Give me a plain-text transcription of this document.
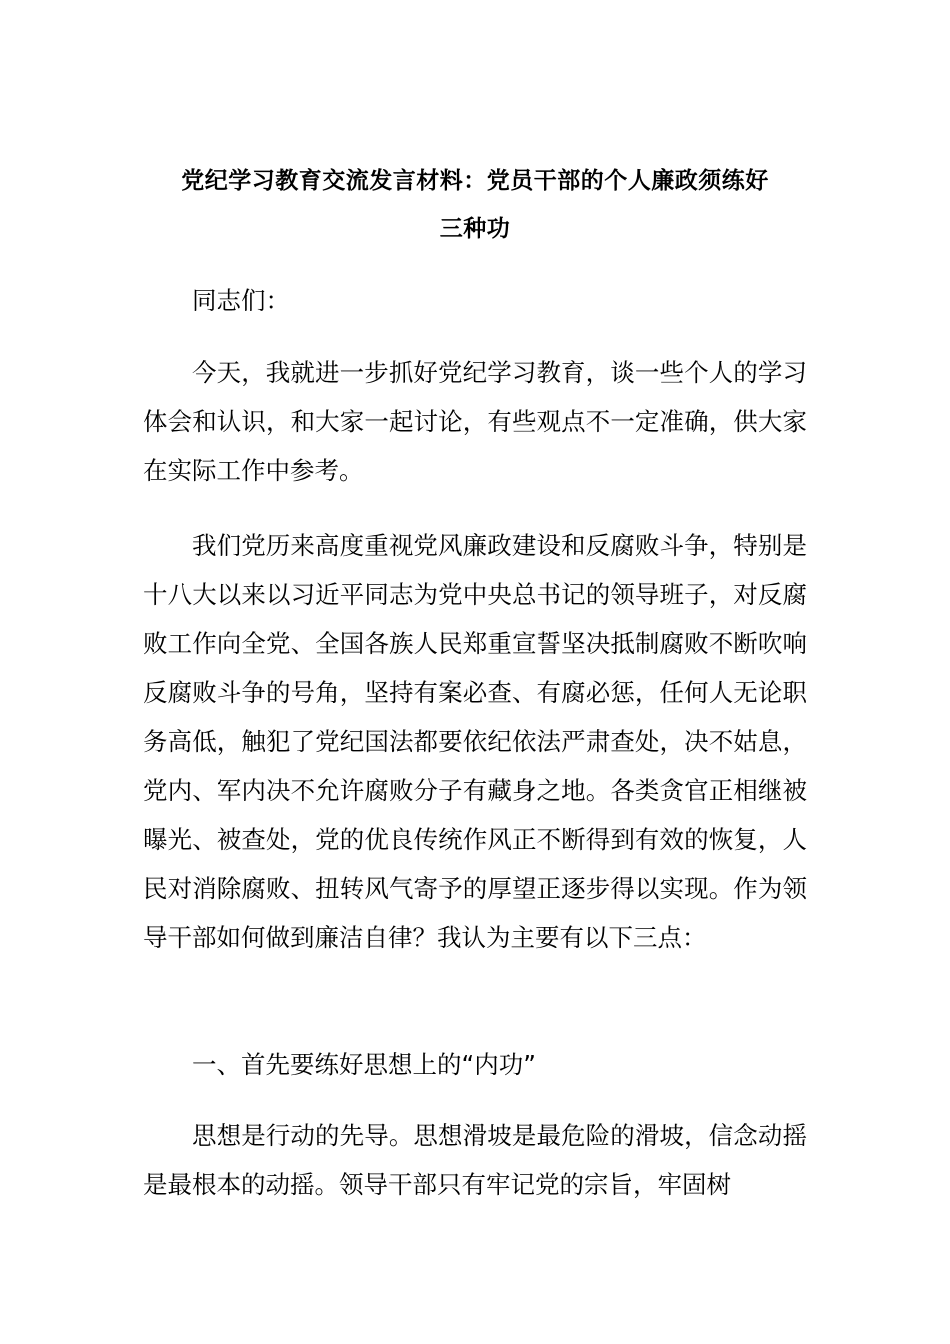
党纪学习教育交流发言材料：党员干部的个人廉政须练好
三种功

同志们：

今天，我就进一步抓好党纪学习教育，谈一些个人的学习体会和认识，和大家一起讨论，有些观点不一定准确，供大家在实际工作中参考。

我们党历来高度重视党风廉政建设和反腐败斗争，特别是十八大以来以习近平同志为党中央总书记的领导班子，对反腐败工作向全党、全国各族人民郑重宣誓坚决抵制腐败不断吹响反腐败斗争的号角，坚持有案必查、有腐必惩，任何人无论职务高低，触犯了党纪国法都要依纪依法严肃查处，决不姑息，党内、军内决不允许腐败分子有藏身之地。各类贪官正相继被曝光、被查处，党的优良传统作风正不断得到有效的恢复，人民对消除腐败、扭转风气寄予的厚望正逐步得以实现。作为领导干部如何做到廉洁自律？我认为主要有以下三点：

一、首先要练好思想上的“内功”

思想是行动的先导。思想滑坡是最危险的滑坡，信念动摇是最根本的动摇。领导干部只有牢记党的宗旨，牢固树
